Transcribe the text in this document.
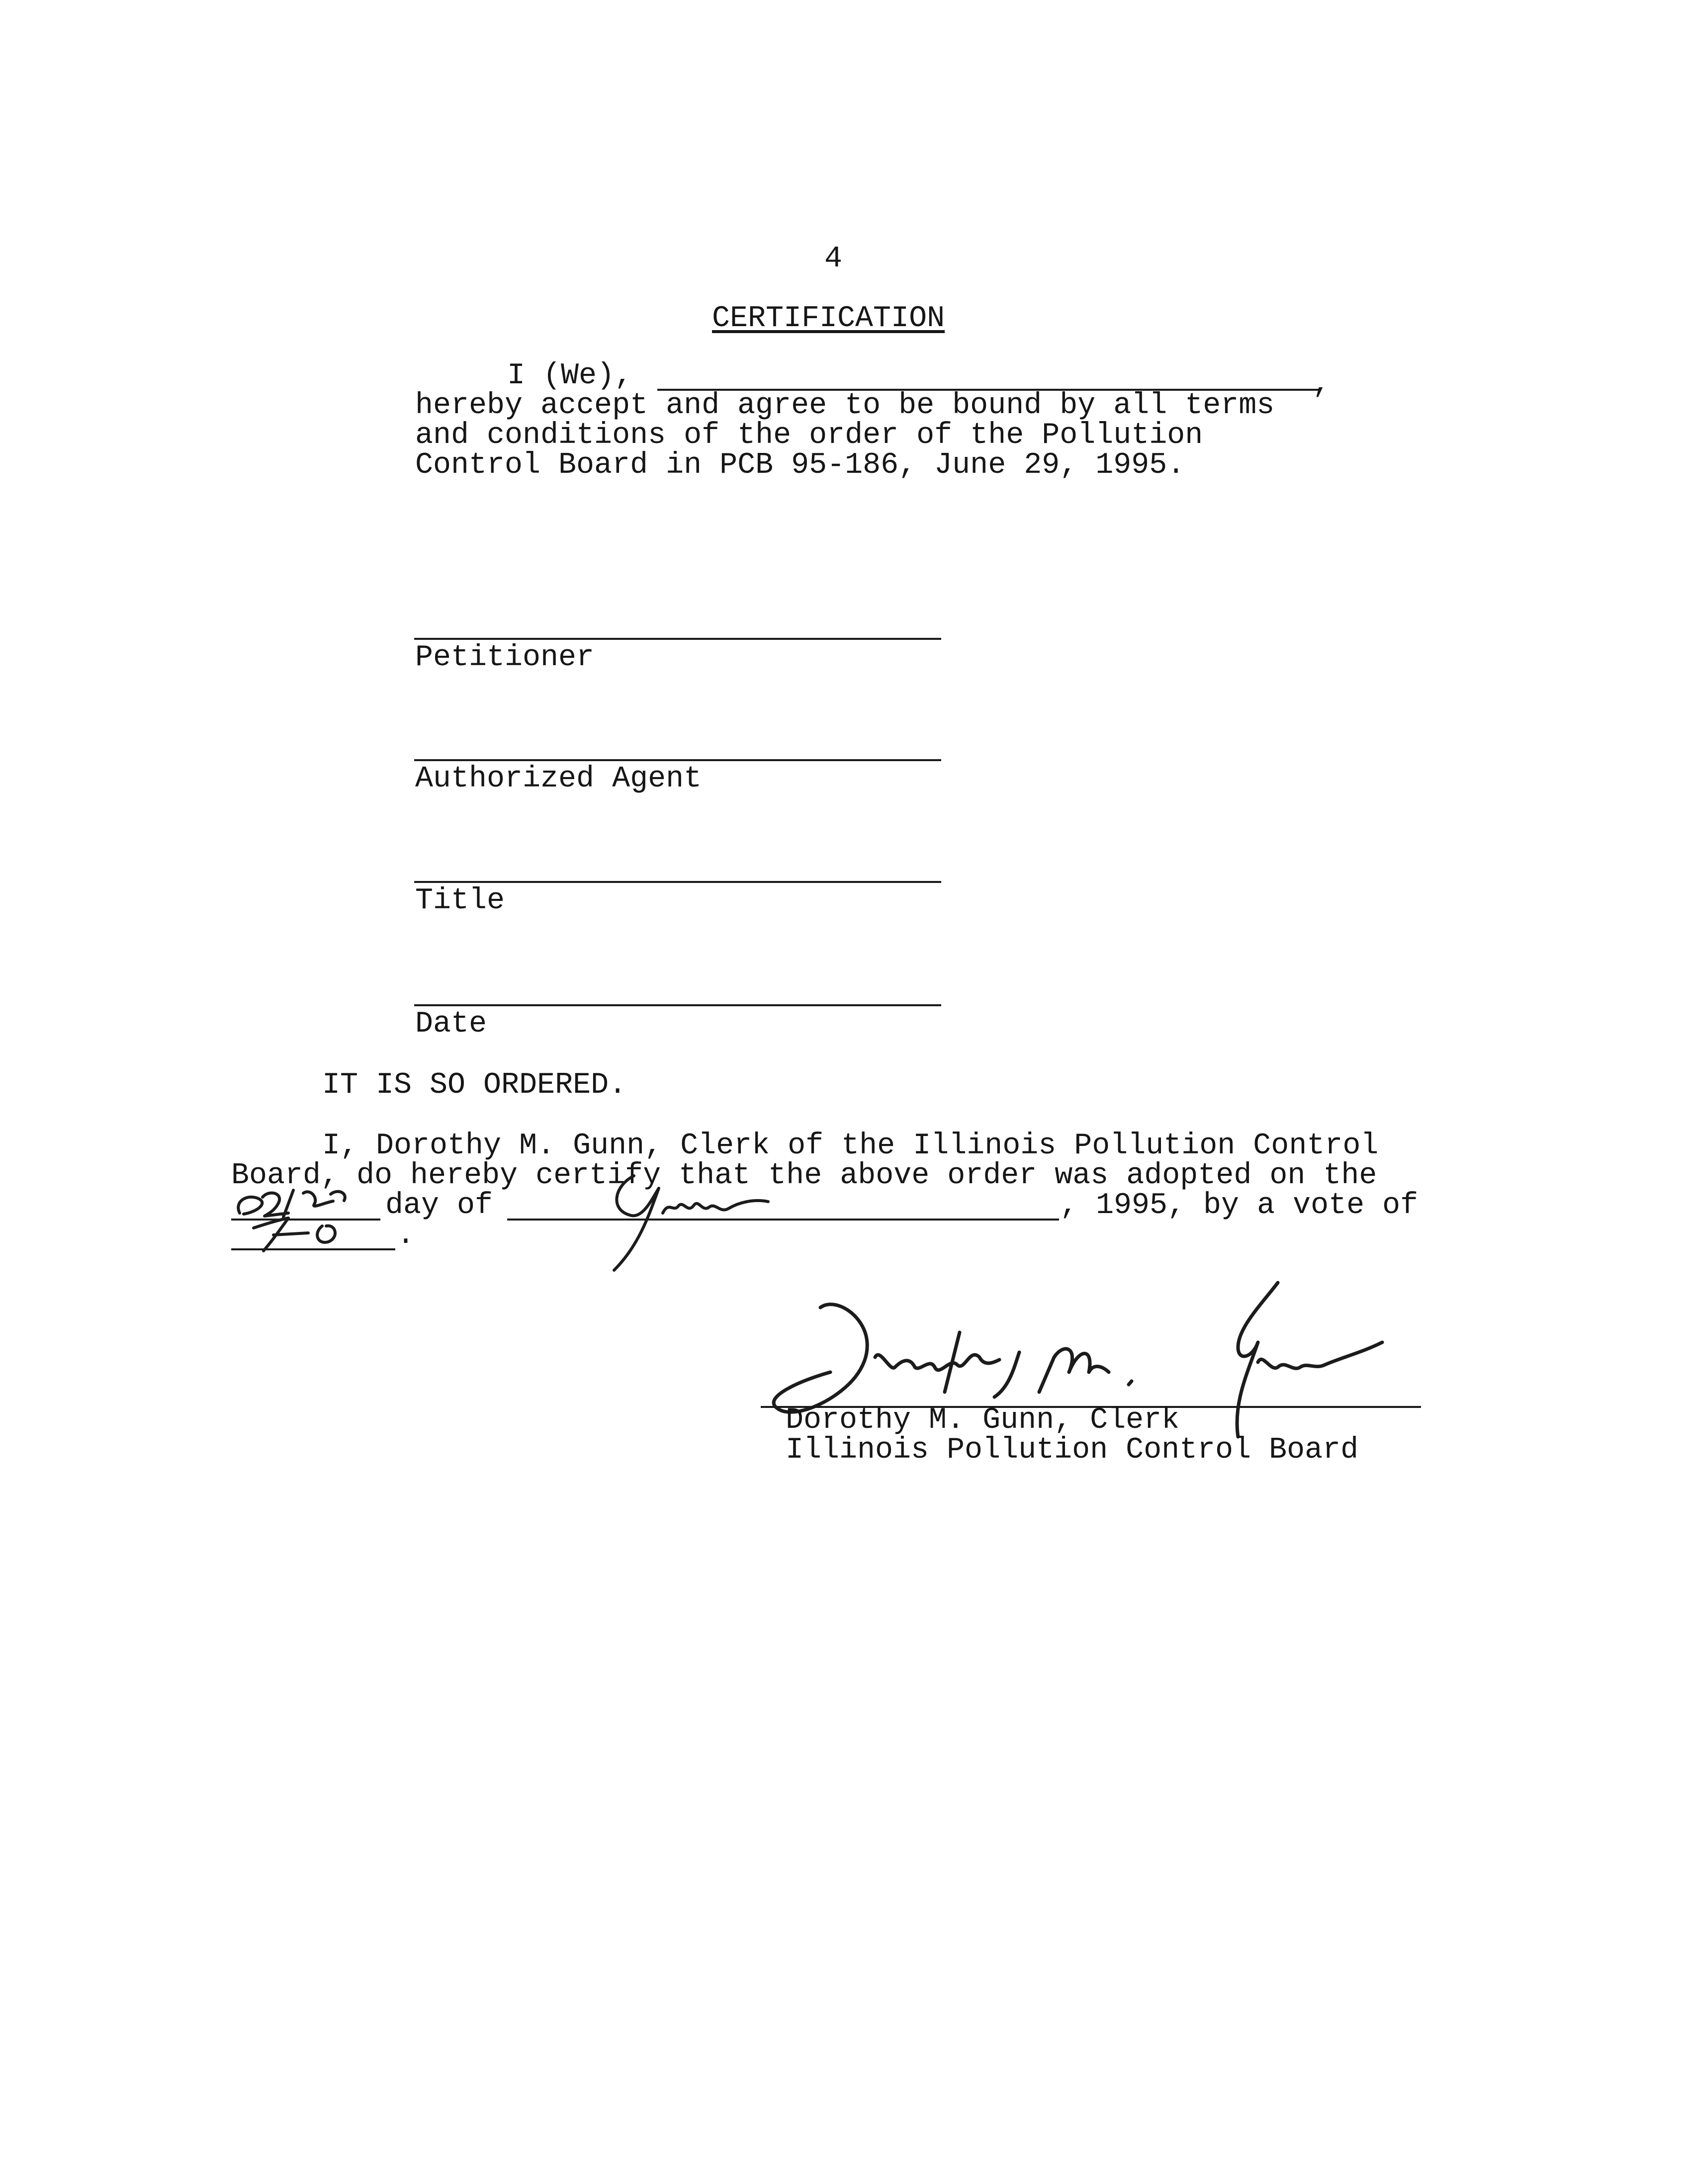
4
CERTIFICATION
I (We),	,
hereby accept and agree to be bound by all terms
and conditions of the order of the Pollution
Control Board in PCB 95-186, June 29, 1995.
Petitioner
Authorized Agent
Title
Date
IT IS SO ORDERED.
I, Dorothy M. Gunn, Clerk of the Illinois Pollution Control
Board, do hereby certify that the above order was adopted on the
day of	, 1995, by a vote of
.
Dorothy M. Gunn, Clerk
Illinois Pollution Control Board
